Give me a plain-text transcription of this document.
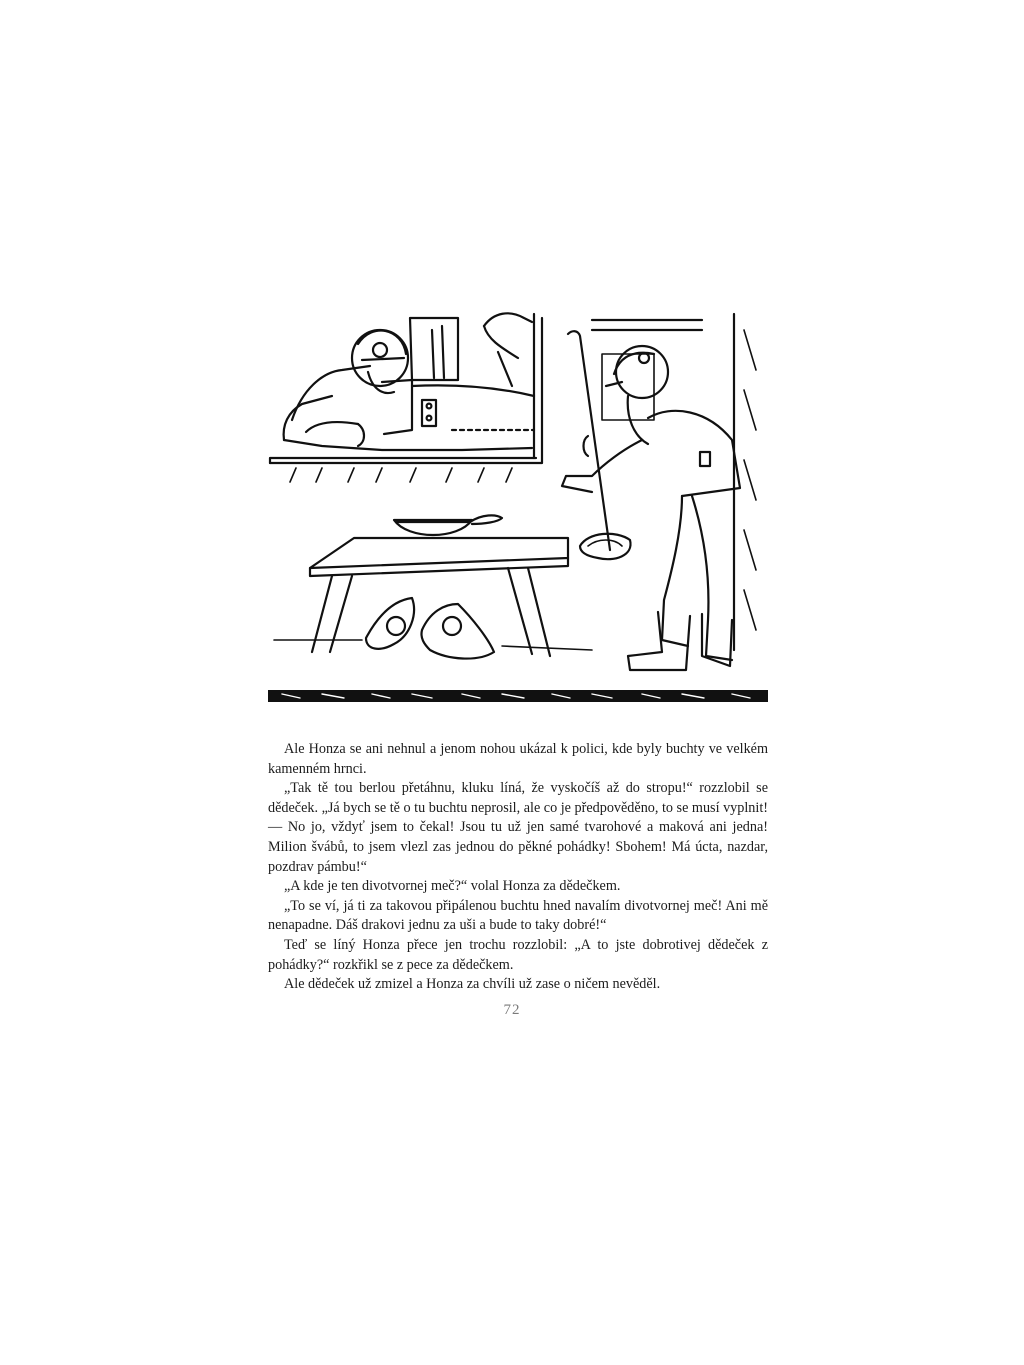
Ale Honza se ani nehnul a jenom nohou ukázal k polici, kde byly buchty ve velkém kamenném hrnci.

„Tak tě tou berlou přetáhnu, kluku líná, že vyskočíš až do stropu!“ rozzlobil se dědeček. „Já bych se tě o tu buchtu neprosil, ale co je předpověděno, to se musí vyplnit! — No jo, vždyť jsem to čekal! Jsou tu už jen samé tvarohové a maková ani jedna! Milion švábů, to jsem vlezl zas jednou do pěkné pohádky! Sbohem! Má úcta, nazdar, pozdrav pámbu!“

„A kde je ten divotvornej meč?“ volal Honza za dědečkem.

„To se ví, já ti za takovou připálenou buchtu hned navalím divotvornej meč! Ani mě nenapadne. Dáš drakovi jednu za uši a bude to taky dobré!“

Teď se líný Honza přece jen trochu rozzlobil: „A to jste dobrotivej dědeček z pohádky?“ rozkřikl se z pece za dědečkem.

Ale dědeček už zmizel a Honza za chvíli už zase o ničem nevěděl.

72
